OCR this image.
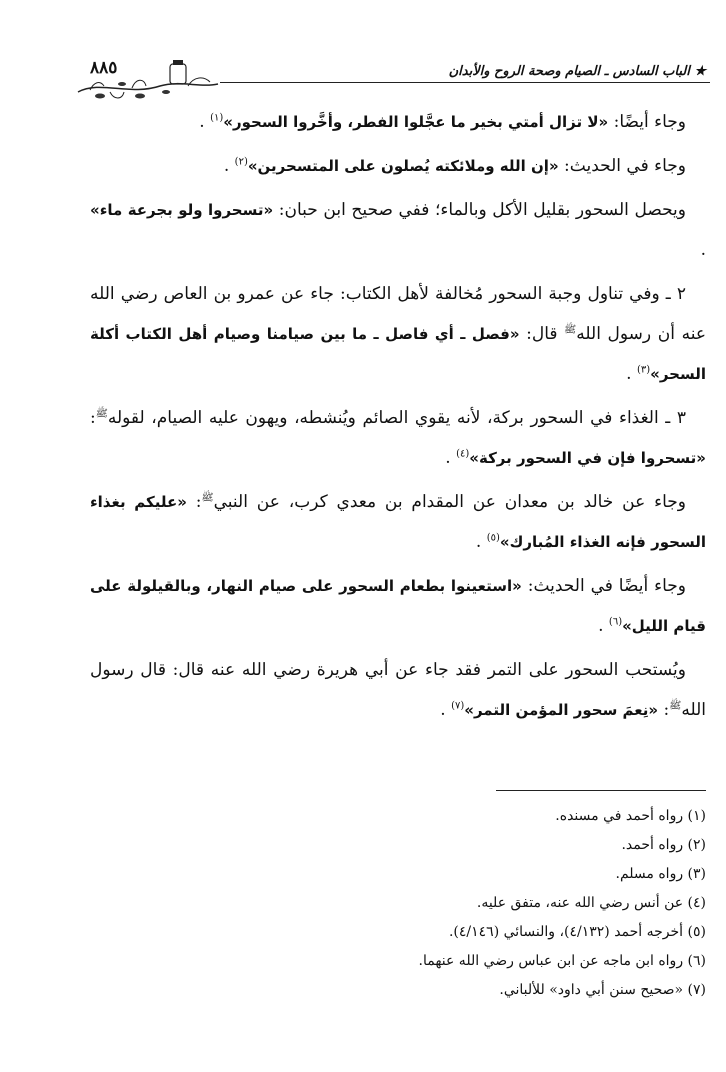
★ الباب السادس ـ الصيام وصحة الروح والأبدان
٨٨٥

وجاء أيضًا: «لا تزال أمتي بخير ما عجَّلوا الفطر، وأخَّروا السحور»$^{(١)}$ .

وجاء في الحديث: «إن الله وملائكته يُصلون على المتسحرين»$^{(٢)}$ .

ويحصل السحور بقليل الأكل وبالماء؛ ففي صحيح ابن حبان: «تسحروا ولو بجرعة ماء» .

٢ ـ وفي تناول وجبة السحور مُخالفة لأهل الكتاب: جاء عن عمرو بن العاص رضي الله عنه أن رسول الله$^ﷺ$ قال: «فصل ـ أي فاصل ـ ما بين صيامنا وصيام أهل الكتاب أكلة السحر»$^{(٣)}$ .

٣ ـ الغذاء في السحور بركة، لأنه يقوي الصائم ويُنشطه، ويهون عليه الصيام، لقوله$^ﷺ$: «تسحروا فإن في السحور بركة»$^{(٤)}$ .

وجاء عن خالد بن معدان عن المقدام بن معدي كرب، عن النبي$^ﷺ$: «عليكم بغذاء السحور فإنه الغذاء المُبارك»$^{(٥)}$ .

وجاء أيضًا في الحديث: «استعينوا بطعام السحور على صيام النهار، وبالقيلولة على قيام الليل»$^{(٦)}$ .

ويُستحب السحور على التمر فقد جاء عن أبي هريرة رضي الله عنه قال: قال رسول الله$^ﷺ$: «نِعمَ سحور المؤمن التمر»$^{(٧)}$ .

(١) رواه أحمد في مسنده.

(٢) رواه أحمد.

(٣) رواه مسلم.

(٤) عن أنس رضي الله عنه، متفق عليه.

(٥) أخرجه أحمد (٤/١٣٢)، والنسائي (٤/١٤٦).

(٦) رواه ابن ماجه عن ابن عباس رضي الله عنهما.

(٧) «صحيح سنن أبي داود» للألباني.
